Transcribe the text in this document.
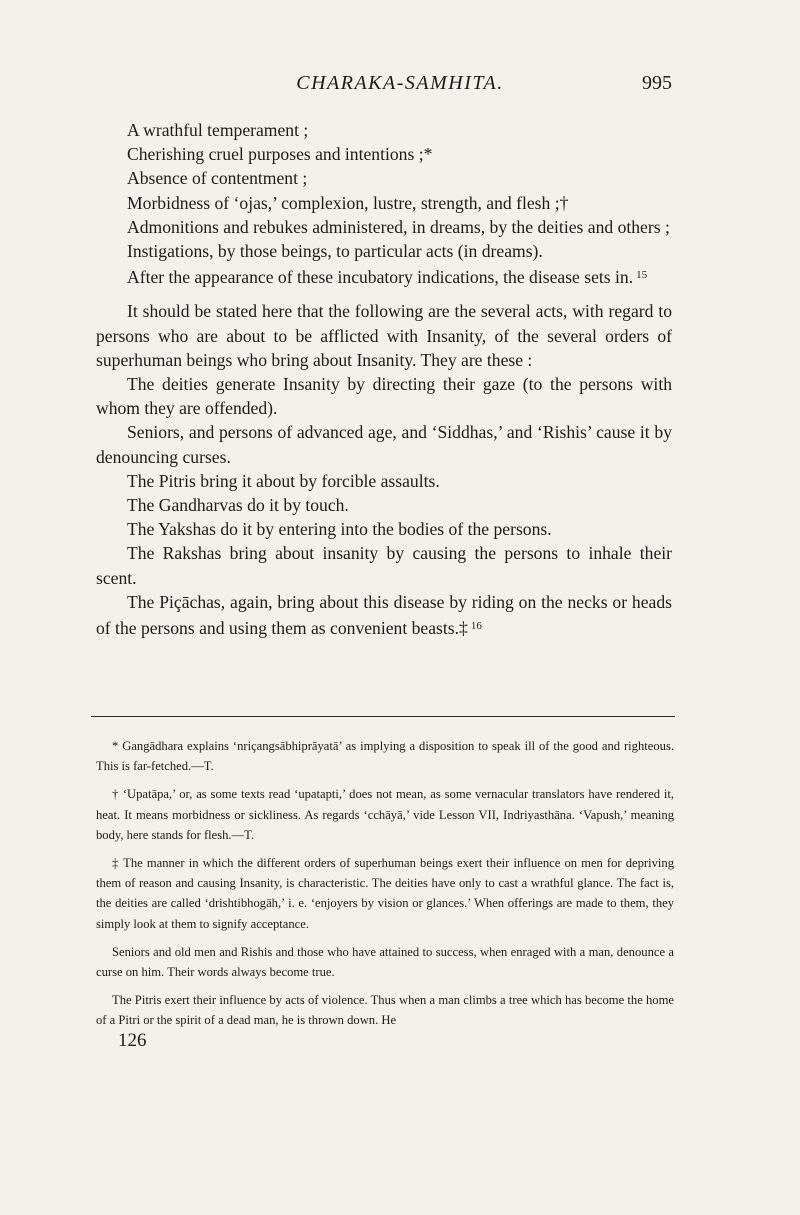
CHARAKA-SAMHITA.	995

A wrathful temperament ;

Cherishing cruel purposes and intentions ;*

Absence of contentment ;

Morbidness of ‘ojas,’ complexion, lustre, strength, and flesh ;†

Admonitions and rebukes administered, in dreams, by the deities and others ;

Instigations, by those beings, to particular acts (in dreams).

After the appearance of these incubatory indications, the disease sets in. $^{15}$

It should be stated here that the following are the several acts, with regard to persons who are about to be afflicted with Insanity, of the several orders of superhuman beings who bring about Insanity. They are these :

The deities generate Insanity by directing their gaze (to the persons with whom they are offended).

Seniors, and persons of advanced age, and ‘Siddhas,’ and ‘Rishis’ cause it by denouncing curses.

The Pitris bring it about by forcible assaults.

The Gandharvas do it by touch.

The Yakshas do it by entering into the bodies of the persons.

The Rakshas bring about insanity by causing the persons to inhale their scent.

The Piçāchas, again, bring about this disease by riding on the necks or heads of the persons and using them as convenient beasts.‡ $^{16}$

* Gangādhara explains ‘nriçangsābhiprāyatā’ as implying a disposition to speak ill of the good and righteous. This is far-fetched.—T.

† ‘Upatāpa,’ or, as some texts read ‘upatapti,’ does not mean, as some vernacular translators have rendered it, heat. It means morbidness or sickliness. As regards ‘cchāyā,’ vide Lesson VII, Indriyasthāna. ‘Vapush,’ meaning body, here stands for flesh.—T.

‡ The manner in which the different orders of superhuman beings exert their influence on men for depriving them of reason and causing Insanity, is characteristic. The deities have only to cast a wrathful glance. The fact is, the deities are called ‘drishtibhogāh,’ i. e. ‘enjoyers by vision or glances.’ When offerings are made to them, they simply look at them to signify acceptance.

Seniors and old men and Rishis and those who have attained to success, when enraged with a man, denounce a curse on him. Their words always become true.

The Pitris exert their influence by acts of violence. Thus when a man climbs a tree which has become the home of a Pitri or the spirit of a dead man, he is thrown down. He

126
